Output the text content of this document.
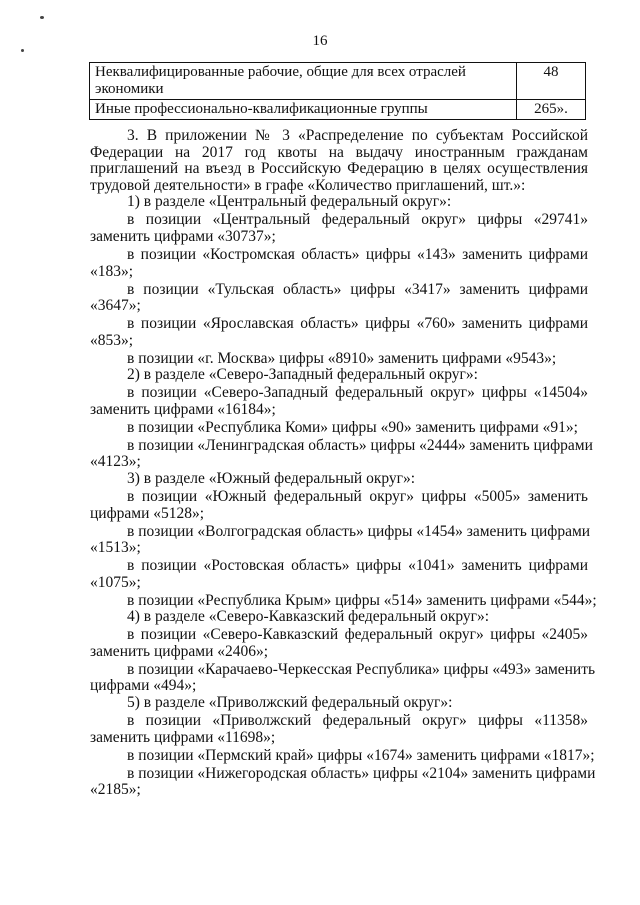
16
Неквалифицированные рабочие, общие для всех отраслей
экономики	48
Иные профессионально-квалификационные группы	265».
3. В приложении № 3 «Распределение по субъектам Российской
Федерации на 2017 год квоты на выдачу иностранным гражданам
приглашений на въезд в Российскую Федерацию в целях осуществления
трудовой деятельности» в графе «Количество приглашений, шт.»:
1) в разделе «Центральный федеральный округ»:
в позиции «Центральный федеральный округ» цифры «29741»
заменить цифрами «30737»;
в позиции «Костромская область» цифры «143» заменить цифрами
«183»;
в позиции «Тульская область» цифры «3417» заменить цифрами
«3647»;
в позиции «Ярославская область» цифры «760» заменить цифрами
«853»;
в позиции «г. Москва» цифры «8910» заменить цифрами «9543»;
2) в разделе «Северо-Западный федеральный округ»:
в позиции «Северо-Западный федеральный округ» цифры «14504»
заменить цифрами «16184»;
в позиции «Республика Коми» цифры «90» заменить цифрами «91»;
в позиции «Ленинградская область» цифры «2444» заменить цифрами
«4123»;
3) в разделе «Южный федеральный округ»:
в позиции «Южный федеральный округ» цифры «5005» заменить
цифрами «5128»;
в позиции «Волгоградская область» цифры «1454» заменить цифрами
«1513»;
в позиции «Ростовская область» цифры «1041» заменить цифрами
«1075»;
в позиции «Республика Крым» цифры «514» заменить цифрами «544»;
4) в разделе «Северо-Кавказский федеральный округ»:
в позиции «Северо-Кавказский федеральный округ» цифры «2405»
заменить цифрами «2406»;
в позиции «Карачаево-Черкесская Республика» цифры «493» заменить
цифрами «494»;
5) в разделе «Приволжский федеральный округ»:
в позиции «Приволжский федеральный округ» цифры «11358»
заменить цифрами «11698»;
в позиции «Пермский край» цифры «1674» заменить цифрами «1817»;
в позиции «Нижегородская область» цифры «2104» заменить цифрами
«2185»;
